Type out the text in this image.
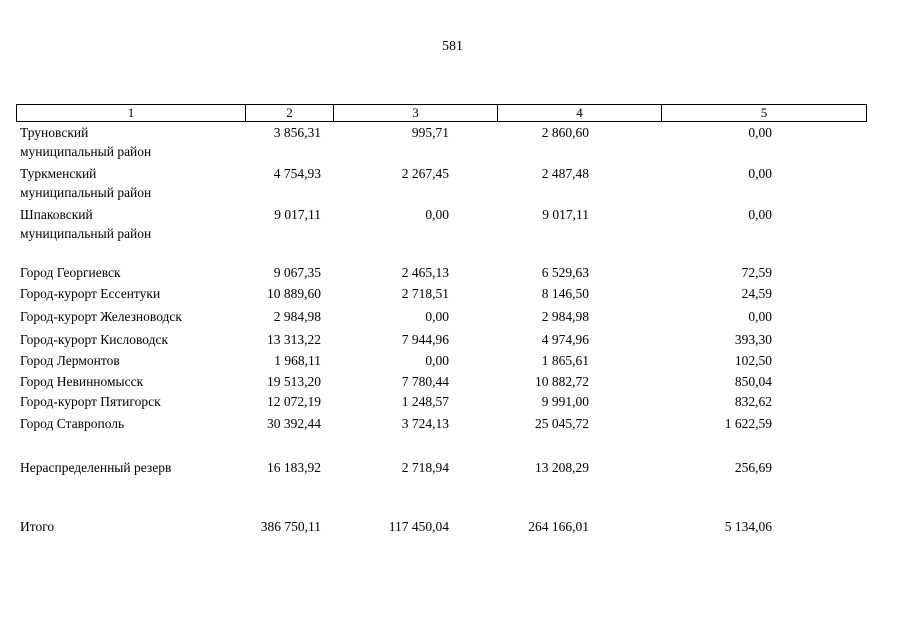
581
1	2	3	4	5
Труновский	3 856,31	995,71	2 860,60	0,00
муниципальный район
Туркменский	4 754,93	2 267,45	2 487,48	0,00
муниципальный район
Шпаковский	9 017,11	0,00	9 017,11	0,00
муниципальный район
Город Георгиевск	9 067,35	2 465,13	6 529,63	72,59
Город-курорт Ессентуки	10 889,60	2 718,51	8 146,50	24,59
Город-курорт Железноводск	2 984,98	0,00	2 984,98	0,00
Город-курорт Кисловодск	13 313,22	7 944,96	4 974,96	393,30
Город Лермонтов	1 968,11	0,00	1 865,61	102,50
Город Невинномысск	19 513,20	7 780,44	10 882,72	850,04
Город-курорт Пятигорск	12 072,19	1 248,57	9 991,00	832,62
Город Ставрополь	30 392,44	3 724,13	25 045,72	1 622,59
Нераспределенный резерв	16 183,92	2 718,94	13 208,29	256,69
Итого	386 750,11	117 450,04	264 166,01	5 134,06
